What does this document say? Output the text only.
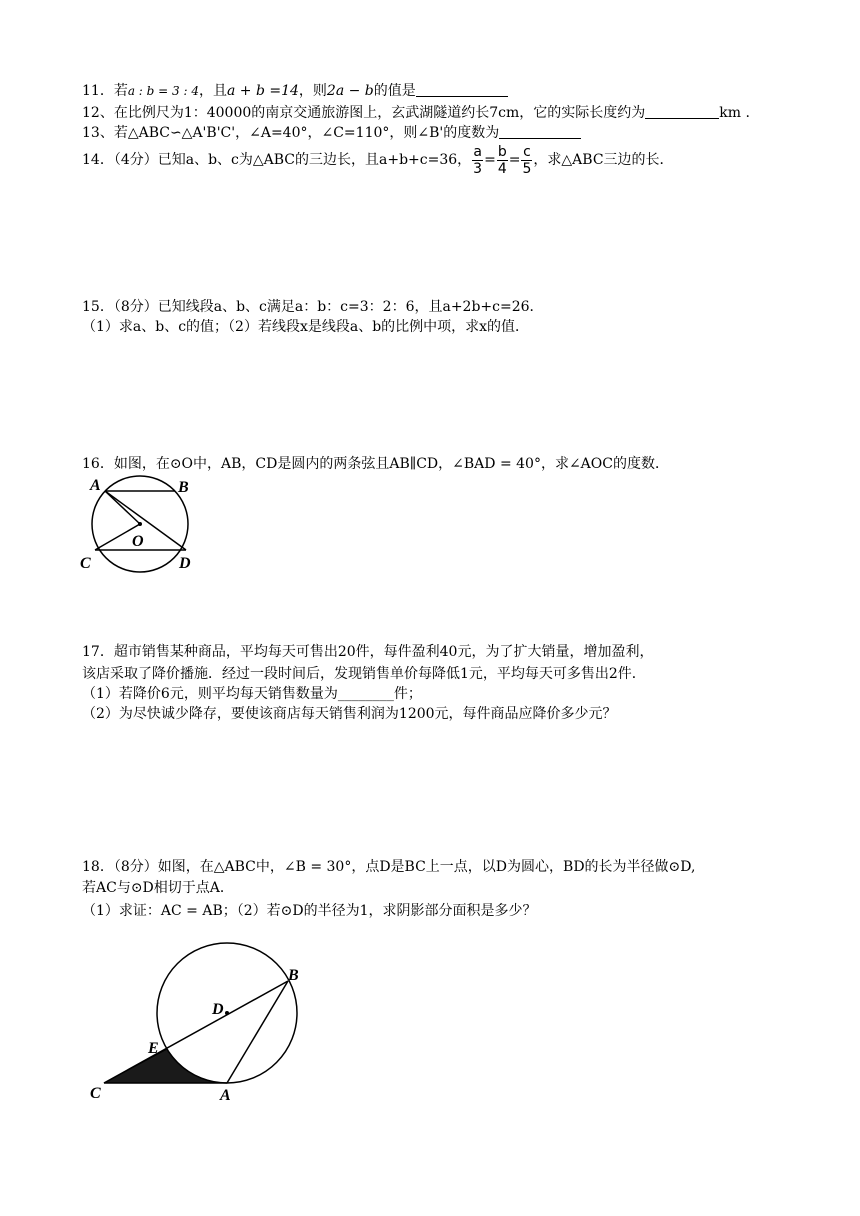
11．若a : b = 3 : 4，且a + b =14，则2a − b的值是
12、在比例尺为1：40000的南京交通旅游图上，玄武湖隧道约长7cm，它的实际长度约为	km .
13、若△ABC∽△A'B'C'，∠A=40°，∠C=110°，则∠B'的度数为
14．（4分）已知a、b、c为△ABC的三边长，且a+b+c=36， $\frac{a}{3} = \frac{b}{4} = \frac{c}{5}$ ，求△ABC三边的长．
15．（8分）已知线段a、b、c满足a：b：c=3：2：6，且a+2b+c=26．
（1）求a、b、c的值；（2）若线段x是线段a、b的比例中项，求x的值．
16．如图，在⊙O中，AB，CD是圆内的两条弦且AB∥CD，∠BAD = 40°，求∠AOC的度数．
A	B
C	D
O
17．超市销售某种商品，平均每天可售出20件，每件盈利40元，为了扩大销量，增加盈利，
该店采取了降价播施．经过一段时间后，发现销售单价每降低1元，平均每天可多售出2件．
（1）若降价6元，则平均每天销售数量为________件；
（2）为尽快诚少降存，要使该商店每天销售利润为1200元，每件商品应降价多少元？
18．（8分）如图，在△ABC中，∠B = 30°，点D是BC上一点，以D为圆心，BD的长为半径做⊙D,
若AC与⊙D相切于点A．
（1）求证：AC = AB；（2）若⊙D的半径为1，求阴影部分面积是多少？
C	A
B
D
E
